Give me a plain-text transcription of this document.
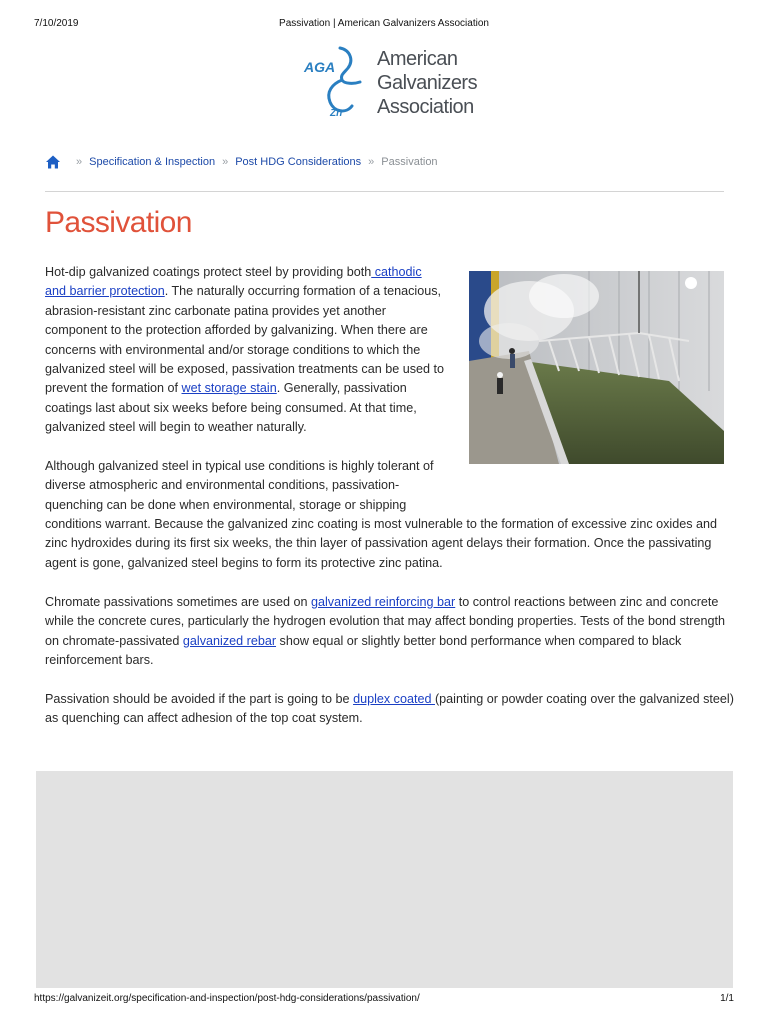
7/10/2019	Passivation | American Galvanizers Association
AGA
Zn
American
Galvanizers
Association
» Specification & Inspection » Post HDG Considerations » Passivation
Passivation
Hot-dip galvanized coatings protect steel by providing both cathodic
and barrier protection. The naturally occurring formation of a tenacious,
abrasion-resistant zinc carbonate patina provides yet another
component to the protection afforded by galvanizing. When there are
concerns with environmental and/or storage conditions to which the
galvanized steel will be exposed, passivation treatments can be used to
prevent the formation of wet storage stain. Generally, passivation
coatings last about six weeks before being consumed. At that time,
galvanized steel will begin to weather naturally.
Although galvanized steel in typical use conditions is highly tolerant of
diverse atmospheric and environmental conditions, passivation-
quenching can be done when environmental, storage or shipping
conditions warrant. Because the galvanized zinc coating is most vulnerable to the formation of excessive zinc oxides and
zinc hydroxides during its first six weeks, the thin layer of passivation agent delays their formation. Once the passivating
agent is gone, galvanized steel begins to form its protective zinc patina.
Chromate passivations sometimes are used on galvanized reinforcing bar to control reactions between zinc and concrete
while the concrete cures, particularly the hydrogen evolution that may affect bonding properties. Tests of the bond strength
on chromate-passivated galvanized rebar show equal or slightly better bond performance when compared to black
reinforcement bars.
Passivation should be avoided if the part is going to be duplex coated (painting or powder coating over the galvanized steel)
as quenching can affect adhesion of the top coat system.
https://galvanizeit.org/specification-and-inspection/post-hdg-considerations/passivation/	1/1
